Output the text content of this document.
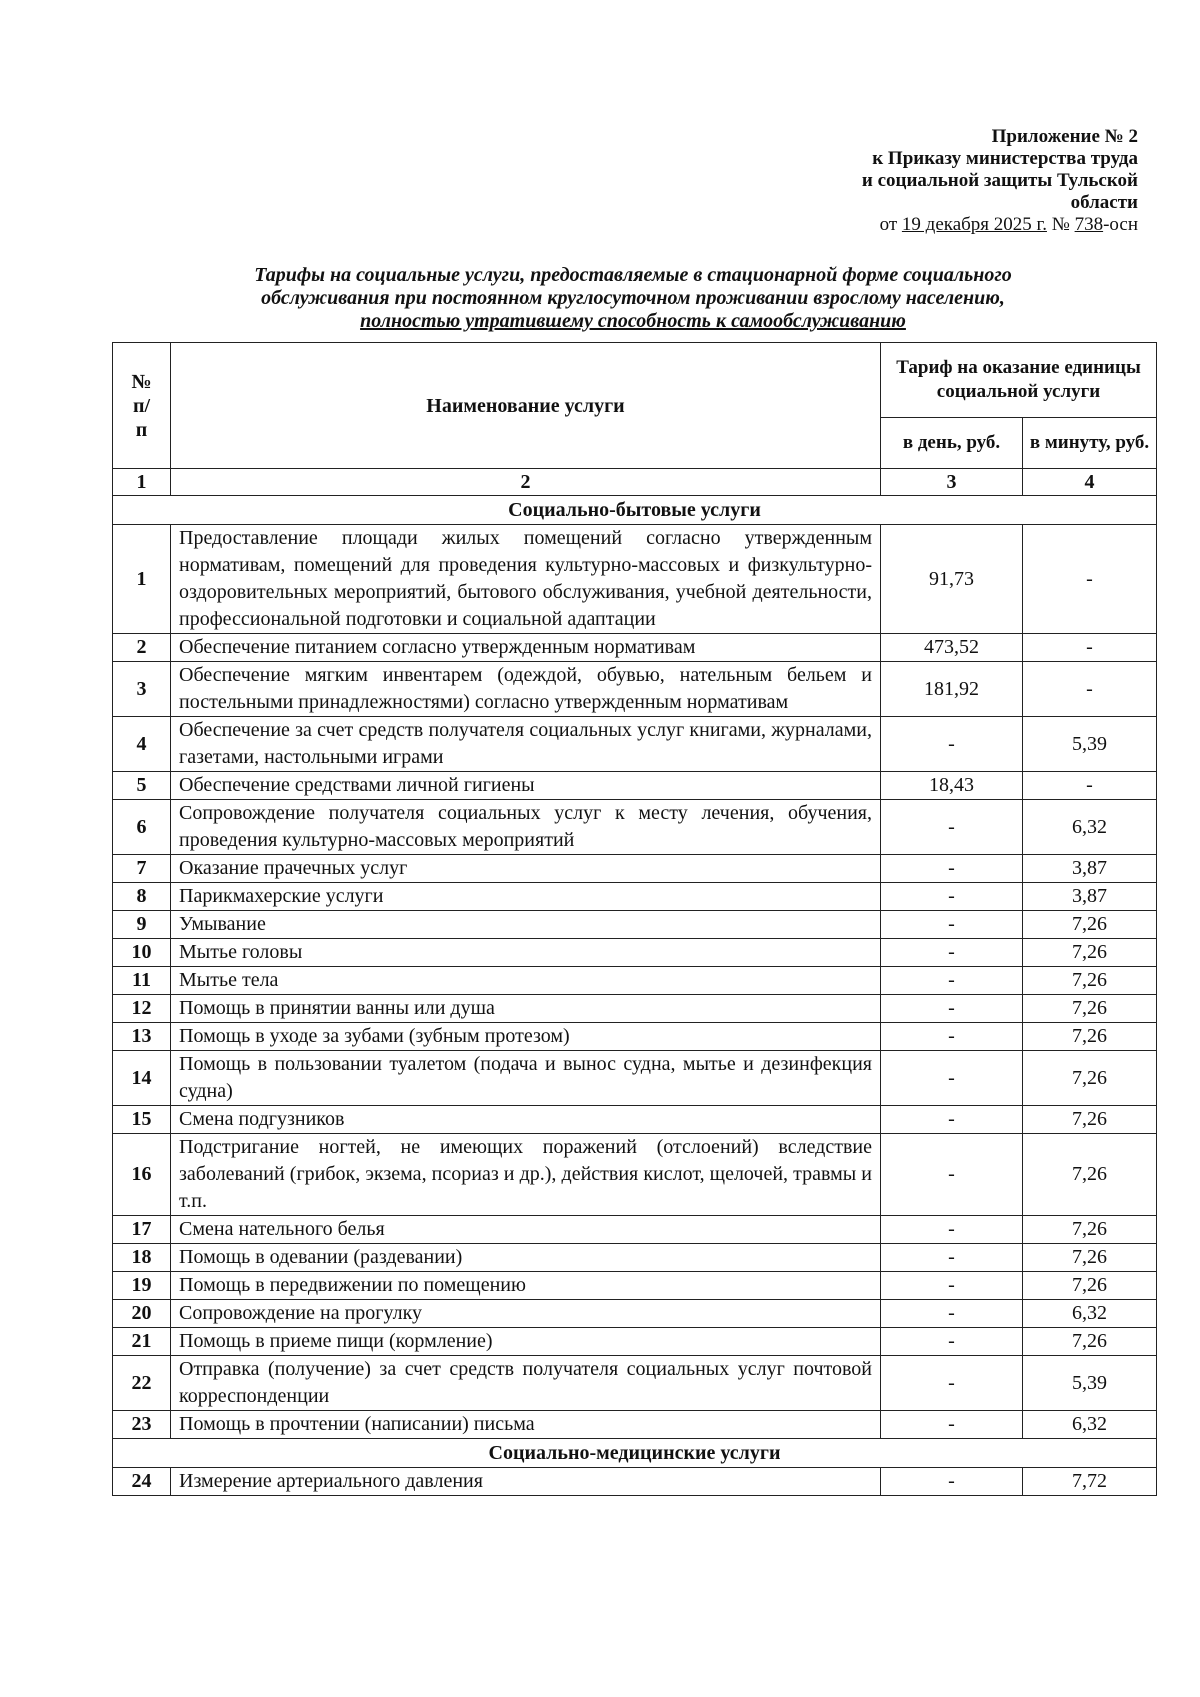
Приложение № 2
к Приказу министерства труда
и социальной защиты Тульской
области
от 19 декабря 2025 г. № 738-осн
Тарифы на социальные услуги, предоставляемые в стационарной форме социального
обслуживания при постоянном круглосуточном проживании взрослому населению,
полностью утратившему способность к самообслуживанию
№ п/п	Наименование услуги	Тариф на оказание единицы социальной услуги	
		в день, руб.	в минуту, руб.
1	2	3	4
Социально-бытовые услуги			
1	Предоставление площади жилых помещений согласно утвержденным нормативам, помещений для проведения культурно-массовых и физкультурно-оздоровительных мероприятий, бытового обслуживания, учебной деятельности, профессиональной подготовки и социальной адаптации	91,73	-
2	Обеспечение питанием согласно утвержденным нормативам	473,52	-
3	Обеспечение мягким инвентарем (одеждой, обувью, нательным бельем и постельными принадлежностями) согласно утвержденным нормативам	181,92	-
4	Обеспечение за счет средств получателя социальных услуг книгами, журналами, газетами, настольными играми	-	5,39
5	Обеспечение средствами личной гигиены	18,43	-
6	Сопровождение получателя социальных услуг к месту лечения, обучения, проведения культурно-массовых мероприятий	-	6,32
7	Оказание прачечных услуг	-	3,87
8	Парикмахерские услуги	-	3,87
9	Умывание	-	7,26
10	Мытье головы	-	7,26
11	Мытье тела	-	7,26
12	Помощь в принятии ванны или душа	-	7,26
13	Помощь в уходе за зубами (зубным протезом)	-	7,26
14	Помощь в пользовании туалетом (подача и вынос судна, мытье и дезинфекция судна)	-	7,26
15	Смена подгузников	-	7,26
16	Подстригание ногтей, не имеющих поражений (отслоений) вследствие заболеваний (грибок, экзема, псориаз и др.), действия кислот, щелочей, травмы и т.п.	-	7,26
17	Смена нательного белья	-	7,26
18	Помощь в одевании (раздевании)	-	7,26
19	Помощь в передвижении по помещению	-	7,26
20	Сопровождение на прогулку	-	6,32
21	Помощь в приеме пищи (кормление)	-	7,26
22	Отправка (получение) за счет средств получателя социальных услуг почтовой корреспонденции	-	5,39
23	Помощь в прочтении (написании) письма	-	6,32
Социально-медицинские услуги			
24	Измерение артериального давления	-	7,72
